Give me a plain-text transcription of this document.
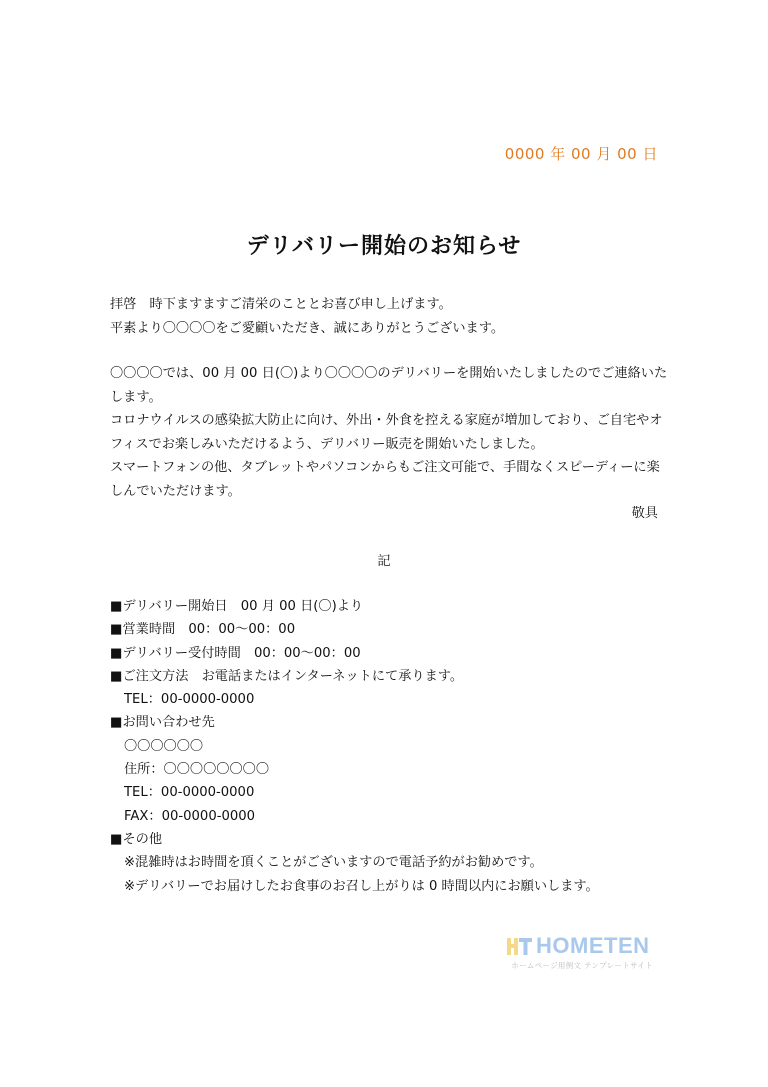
0000 年 00 月 00 日
デリバリー開始のお知らせ

拝啓　時下ますますご清栄のこととお喜び申し上げます。

平素より〇〇〇〇をご愛顧いただき、誠にありがとうございます。

〇〇〇〇では、00 月 00 日(〇)より〇〇〇〇のデリバリーを開始いたしましたのでご連絡いたします。

コロナウイルスの感染拡大防止に向け、外出・外食を控える家庭が増加しており、ご自宅やオフィスでお楽しみいただけるよう、デリバリー販売を開始いたしました。

スマートフォンの他、タブレットやパソコンからもご注文可能で、手間なくスピーディーに楽しんでいただけます。

敬具
記
■デリバリー開始日　00 月 00 日(〇)より
■営業時間　00：00〜00：00
■デリバリー受付時間　00：00〜00：00
■ご注文方法　お電話またはインターネットにて承ります。
TEL：00-0000-0000
■お問い合わせ先
〇〇〇〇〇〇
住所：〇〇〇〇〇〇〇〇
TEL：00-0000-0000
FAX：00-0000-0000
■その他
※混雑時はお時間を頂くことがございますので電話予約がお勧めです。
※デリバリーでお届けしたお食事のお召し上がりは 0 時間以内にお願いします。
HOMETEN
ホームページ用例文 テンプレートサイト
